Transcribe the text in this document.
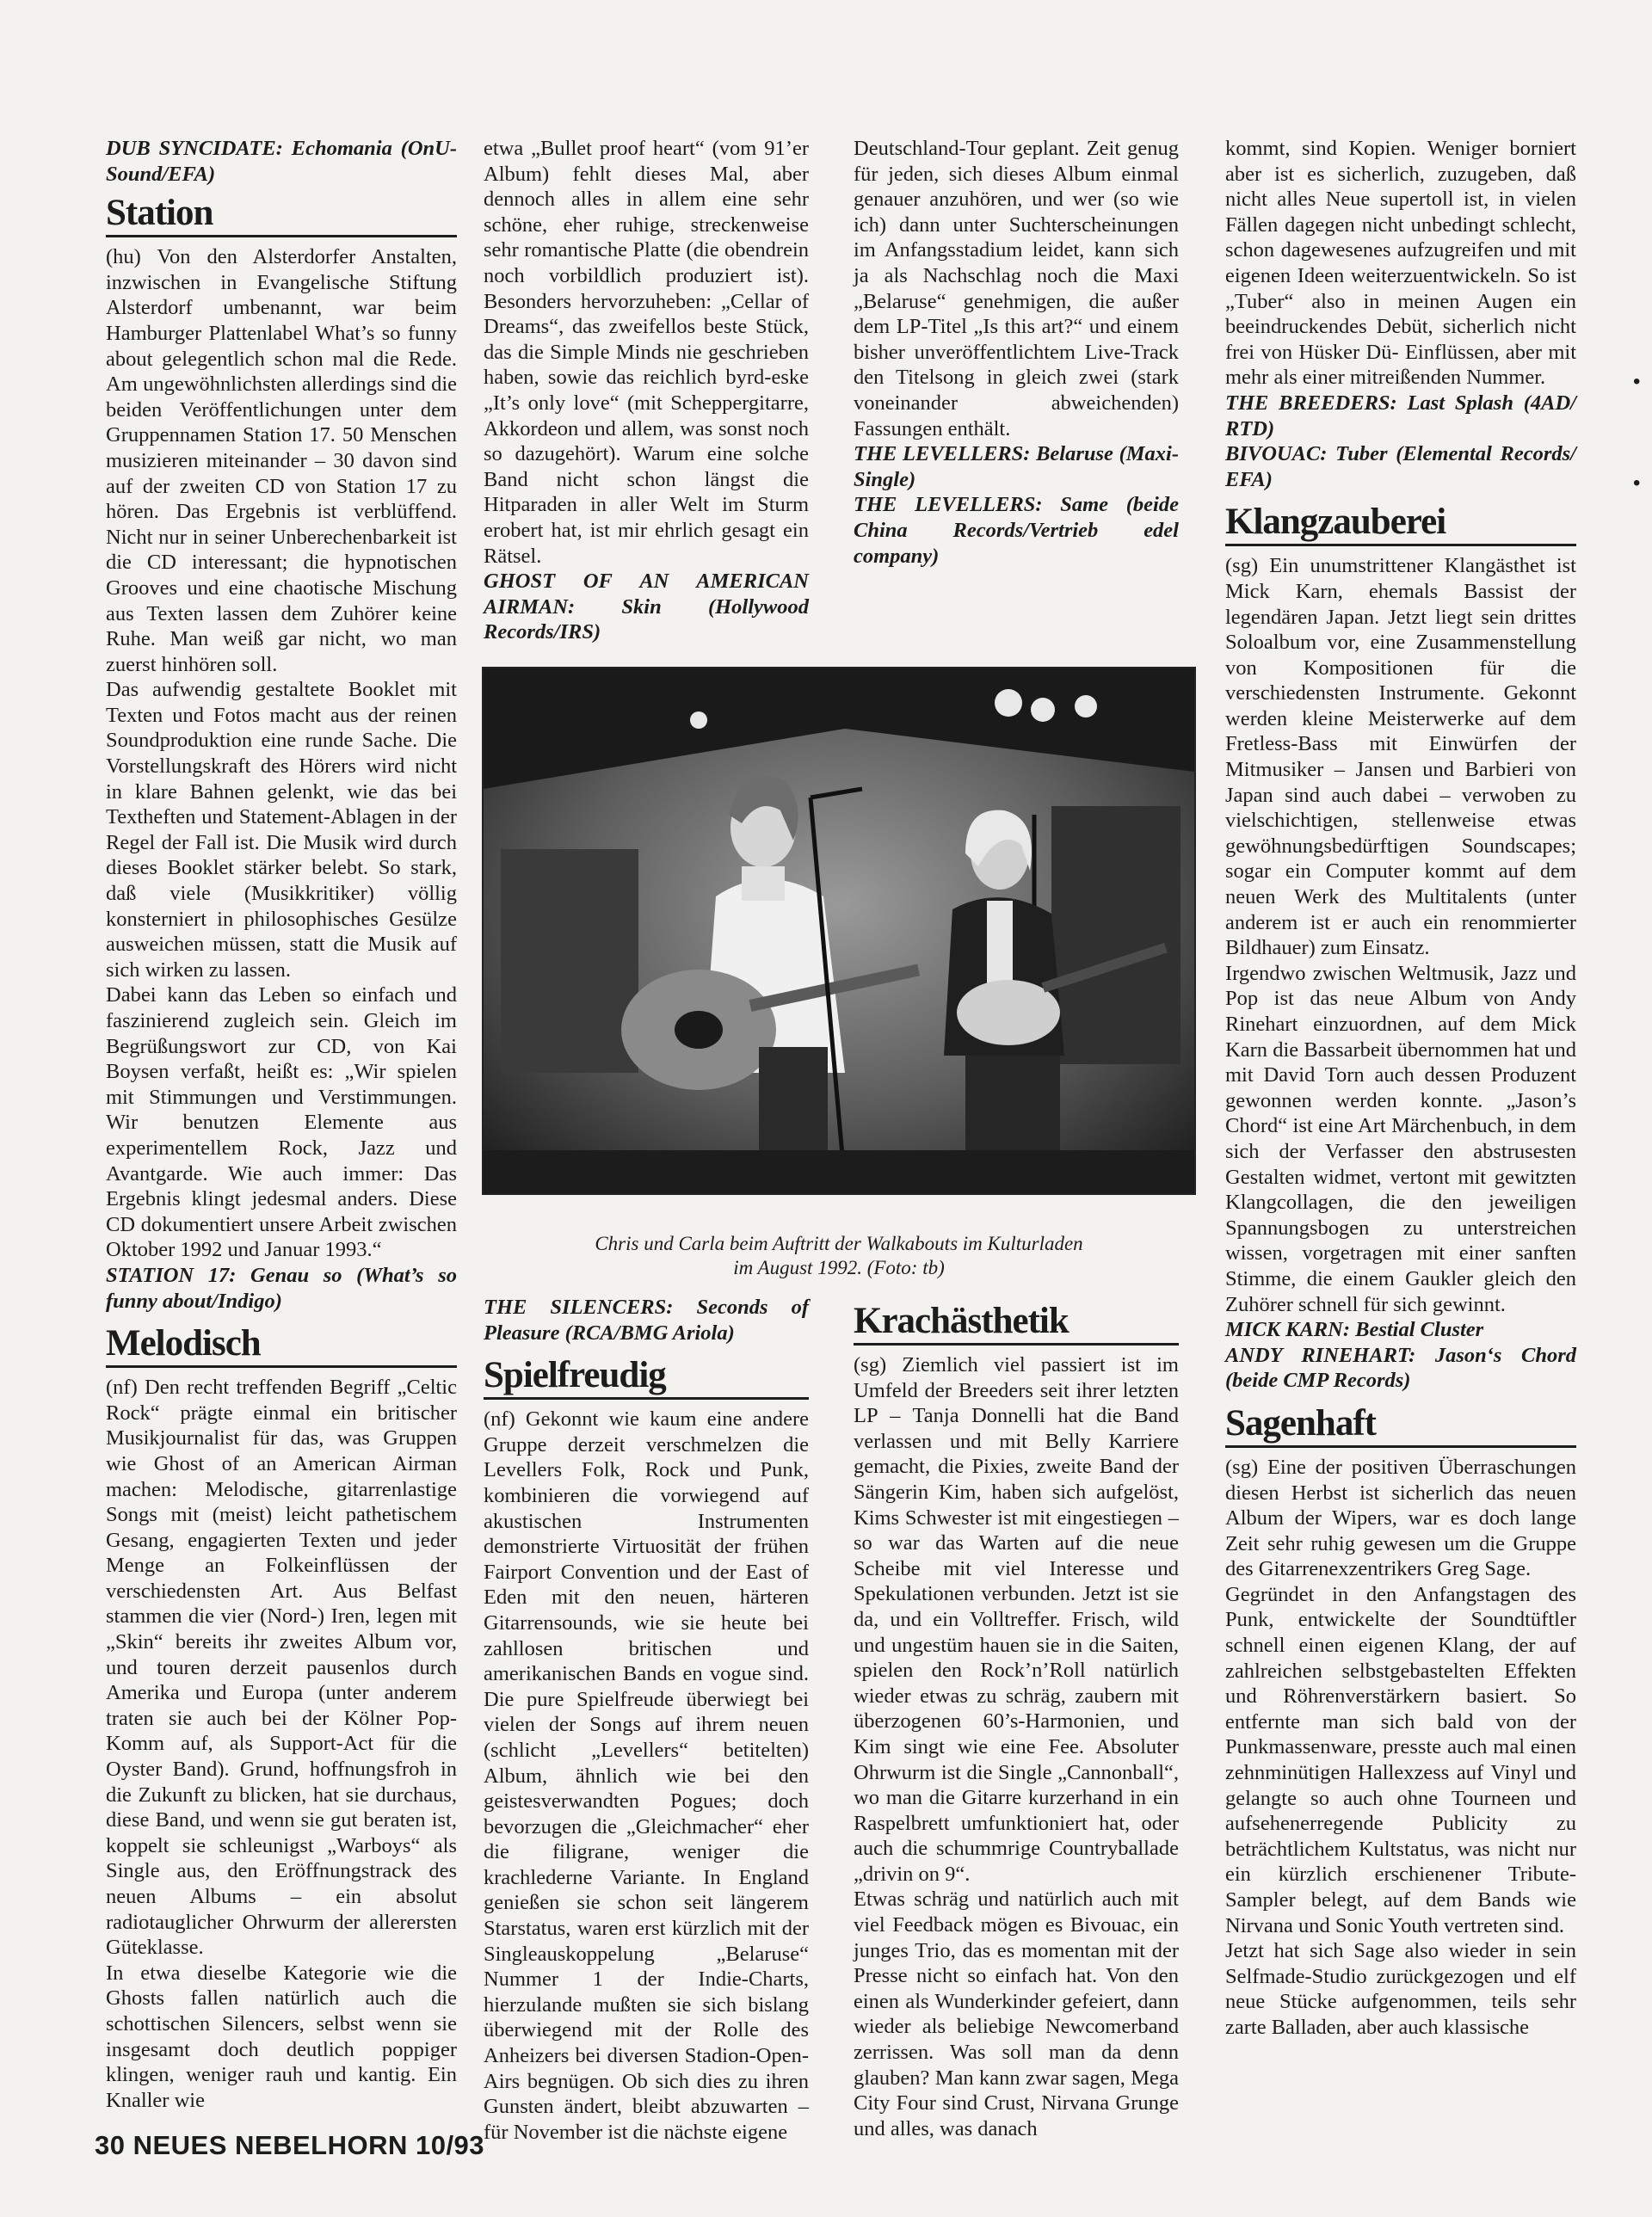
DUB SYNCIDATE: Echomania (OnU-Sound/EFA)

Station

(hu) Von den Alsterdorfer Anstalten, inzwischen in Evangelische Stiftung Alsterdorf umbenannt, war beim Hamburger Plattenlabel What’s so funny about gelegentlich schon mal die Rede. Am ungewöhnlichsten allerdings sind die beiden Veröffentlichungen unter dem Gruppennamen Station 17. 50 Menschen musizieren miteinander – 30 davon sind auf der zweiten CD von Station 17 zu hören. Das Ergebnis ist verblüffend. Nicht nur in seiner Unberechenbarkeit ist die CD interessant; die hypnotischen Grooves und eine chaotische Mischung aus Texten lassen dem Zuhörer keine Ruhe. Man weiß gar nicht, wo man zuerst hinhören soll.

Das aufwendig gestaltete Booklet mit Texten und Fotos macht aus der reinen Soundproduktion eine runde Sache. Die Vorstellungskraft des Hörers wird nicht in klare Bahnen gelenkt, wie das bei Textheften und Statement-Ablagen in der Regel der Fall ist. Die Musik wird durch dieses Booklet stärker belebt. So stark, daß viele (Musikkritiker) völlig konsterniert in philosophisches Gesülze ausweichen müssen, statt die Musik auf sich wirken zu lassen.

Dabei kann das Leben so einfach und faszinierend zugleich sein. Gleich im Begrüßungswort zur CD, von Kai Boysen verfaßt, heißt es: „Wir spielen mit Stimmungen und Verstimmungen. Wir benutzen Elemente aus experimentellem Rock, Jazz und Avantgarde. Wie auch immer: Das Ergebnis klingt jedesmal anders. Diese CD dokumentiert unsere Arbeit zwischen Oktober 1992 und Januar 1993.“

STATION 17: Genau so (What’s so funny about/Indigo)

Melodisch

(nf) Den recht treffenden Begriff „Celtic Rock“ prägte einmal ein britischer Musikjournalist für das, was Gruppen wie Ghost of an American Airman machen: Melodische, gitarrenlastige Songs mit (meist) leicht pathetischem Gesang, engagierten Texten und jeder Menge an Folkeinflüssen der verschiedensten Art. Aus Belfast stammen die vier (Nord-) Iren, legen mit „Skin“ bereits ihr zweites Album vor, und touren derzeit pausenlos durch Amerika und Europa (unter anderem traten sie auch bei der Kölner Pop-Komm auf, als Support-Act für die Oyster Band). Grund, hoffnungsfroh in die Zukunft zu blicken, hat sie durchaus, diese Band, und wenn sie gut beraten ist, koppelt sie schleunigst „Warboys“ als Single aus, den Eröffnungstrack des neuen Albums – ein absolut radiotauglicher Ohrwurm der allerersten Güteklasse.

In etwa dieselbe Kategorie wie die Ghosts fallen natürlich auch die schottischen Silencers, selbst wenn sie insgesamt doch deutlich poppiger klingen, weniger rauh und kantig. Ein Knaller wie

etwa „Bullet proof heart“ (vom 91’er Album) fehlt dieses Mal, aber dennoch alles in allem eine sehr schöne, eher ruhige, streckenweise sehr romantische Platte (die obendrein noch vorbildlich produziert ist). Besonders hervorzuheben: „Cellar of Dreams“, das zweifellos beste Stück, das die Simple Minds nie geschrieben haben, sowie das reichlich byrd-eske „It’s only love“ (mit Scheppergitarre, Akkordeon und allem, was sonst noch so dazugehört). Warum eine solche Band nicht schon längst die Hitparaden in aller Welt im Sturm erobert hat, ist mir ehrlich gesagt ein Rätsel.

GHOST OF AN AMERICAN AIRMAN: Skin (Hollywood Records/IRS)

Deutschland-Tour geplant. Zeit genug für jeden, sich dieses Album einmal genauer anzuhören, und wer (so wie ich) dann unter Suchterscheinungen im Anfangsstadium leidet, kann sich ja als Nachschlag noch die Maxi „Belaruse“ genehmigen, die außer dem LP-Titel „Is this art?“ und einem bisher unveröffentlichtem Live-Track den Titelsong in gleich zwei (stark voneinander abweichenden) Fassungen enthält.

THE LEVELLERS: Belaruse (Maxi-Single)

THE LEVELLERS: Same (beide China Records/Vertrieb edel company)

kommt, sind Kopien. Weniger borniert aber ist es sicherlich, zuzugeben, daß nicht alles Neue supertoll ist, in vielen Fällen dagegen nicht unbedingt schlecht, schon dagewesenes aufzugreifen und mit eigenen Ideen weiterzuentwickeln. So ist „Tuber“ also in meinen Augen ein beeindruckendes Debüt, sicherlich nicht frei von Hüsker Dü- Einflüssen, aber mit mehr als einer mitreißenden Nummer.

THE BREEDERS: Last Splash (4AD/ RTD)

BIVOUAC: Tuber (Elemental Records/ EFA)

Klangzauberei

(sg) Ein unumstrittener Klangästhet ist Mick Karn, ehemals Bassist der legendären Japan. Jetzt liegt sein drittes Soloalbum vor, eine Zusammenstellung von Kompositionen für die verschiedensten Instrumente. Gekonnt werden kleine Meisterwerke auf dem Fretless-Bass mit Einwürfen der Mitmusiker – Jansen und Barbieri von Japan sind auch dabei – verwoben zu vielschichtigen, stellenweise etwas gewöhnungsbedürftigen Soundscapes; sogar ein Computer kommt auf dem neuen Werk des Multitalents (unter anderem ist er auch ein renommierter Bildhauer) zum Einsatz.

Irgendwo zwischen Weltmusik, Jazz und Pop ist das neue Album von Andy Rinehart einzuordnen, auf dem Mick Karn die Bassarbeit übernommen hat und mit David Torn auch dessen Produzent gewonnen werden konnte. „Jason’s Chord“ ist eine Art Märchenbuch, in dem sich der Verfasser den abstrusesten Gestalten widmet, vertont mit gewitzten Klangcollagen, die den jeweiligen Spannungsbogen zu unterstreichen wissen, vorgetragen mit einer sanften Stimme, die einem Gaukler gleich den Zuhörer schnell für sich gewinnt.

MICK KARN: Bestial Cluster

ANDY RINEHART: Jason‘s Chord (beide CMP Records)

Sagenhaft

(sg) Eine der positiven Überraschungen diesen Herbst ist sicherlich das neuen Album der Wipers, war es doch lange Zeit sehr ruhig gewesen um die Gruppe des Gitarrenexzentrikers Greg Sage.

Gegründet in den Anfangstagen des Punk, entwickelte der Soundtüftler schnell einen eigenen Klang, der auf zahlreichen selbstgebastelten Effekten und Röhrenverstärkern basiert. So entfernte man sich bald von der Punkmassenware, presste auch mal einen zehnminütigen Hallexzess auf Vinyl und gelangte so auch ohne Tourneen und aufsehenerregende Publicity zu beträchtlichem Kultstatus, was nicht nur ein kürzlich erschienener Tribute-Sampler belegt, auf dem Bands wie Nirvana und Sonic Youth vertreten sind.

Jetzt hat sich Sage also wieder in sein Selfmade-Studio zurückgezogen und elf neue Stücke aufgenommen, teils sehr zarte Balladen, aber auch klassische

Chris und Carla beim Auftritt der Walkabouts im Kulturladen
im August 1992. (Foto: tb)

THE SILENCERS: Seconds of Pleasure (RCA/BMG Ariola)

Spielfreudig

(nf) Gekonnt wie kaum eine andere Gruppe derzeit verschmelzen die Levellers Folk, Rock und Punk, kombinieren die vorwiegend auf akustischen Instrumenten demonstrierte Virtuosität der frühen Fairport Convention und der East of Eden mit den neuen, härteren Gitarrensounds, wie sie heute bei zahllosen britischen und amerikanischen Bands en vogue sind. Die pure Spielfreude überwiegt bei vielen der Songs auf ihrem neuen (schlicht „Levellers“ betitelten) Album, ähnlich wie bei den geistesverwandten Pogues; doch bevorzugen die „Gleichmacher“ eher die filigrane, weniger die krachlederne Variante. In England genießen sie schon seit längerem Starstatus, waren erst kürzlich mit der Singleauskoppelung „Belaruse“ Nummer 1 der Indie-Charts, hierzulande mußten sie sich bislang überwiegend mit der Rolle des Anheizers bei diversen Stadion-Open-Airs begnügen. Ob sich dies zu ihren Gunsten ändert, bleibt abzuwarten – für November ist die nächste eigene

Krachästhetik

(sg) Ziemlich viel passiert ist im Umfeld der Breeders seit ihrer letzten LP – Tanja Donnelli hat die Band verlassen und mit Belly Karriere gemacht, die Pixies, zweite Band der Sängerin Kim, haben sich aufgelöst, Kims Schwester ist mit eingestiegen – so war das Warten auf die neue Scheibe mit viel Interesse und Spekulationen verbunden. Jetzt ist sie da, und ein Volltreffer. Frisch, wild und ungestüm hauen sie in die Saiten, spielen den Rock’n’Roll natürlich wieder etwas zu schräg, zaubern mit überzogenen 60’s-Harmonien, und Kim singt wie eine Fee. Absoluter Ohrwurm ist die Single „Cannonball“, wo man die Gitarre kurzerhand in ein Raspelbrett umfunktioniert hat, oder auch die schummrige Countryballade „drivin on 9“.

Etwas schräg und natürlich auch mit viel Feedback mögen es Bivouac, ein junges Trio, das es momentan mit der Presse nicht so einfach hat. Von den einen als Wunderkinder gefeiert, dann wieder als beliebige Newcomerband zerrissen. Was soll man da denn glauben? Man kann zwar sagen, Mega City Four sind Crust, Nirvana Grunge und alles, was danach

•
•
30 NEUES NEBELHORN 10/93
